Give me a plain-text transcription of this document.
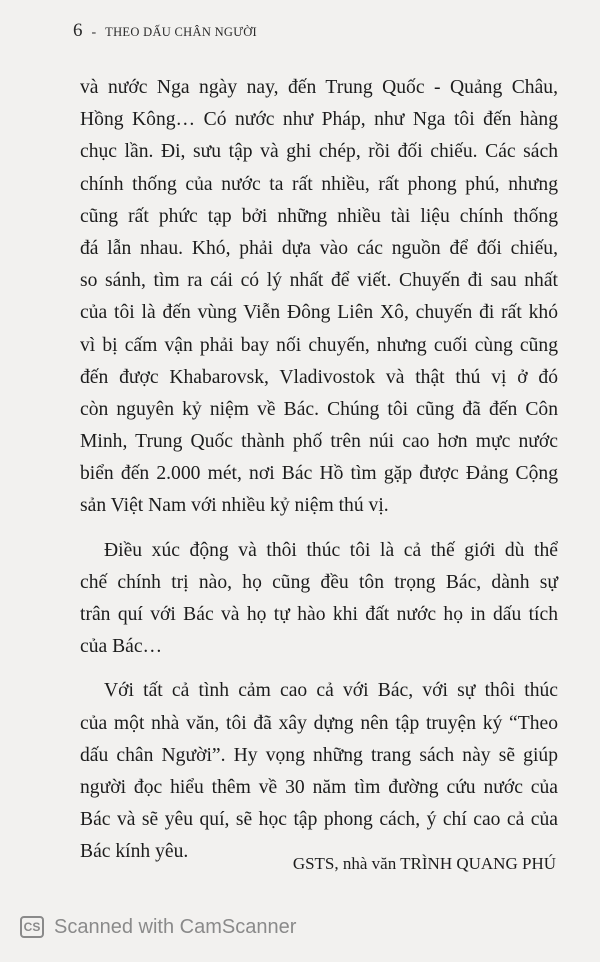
6 - THEO DẤU CHÂN NGƯỜI
và nước Nga ngày nay, đến Trung Quốc - Quảng Châu,
Hồng Kông… Có nước như Pháp, như Nga tôi đến hàng
chục lần. Đi, sưu tập và ghi chép, rồi đối chiếu. Các sách
chính thống của nước ta rất nhiều, rất phong phú, nhưng
cũng rất phức tạp bởi những nhiều tài liệu chính thống
đá lẫn nhau. Khó, phải dựa vào các nguồn để đối chiếu,
so sánh, tìm ra cái có lý nhất để viết. Chuyến đi sau nhất
của tôi là đến vùng Viễn Đông Liên Xô, chuyến đi rất khó
vì bị cấm vận phải bay nối chuyến, nhưng cuối cùng cũng
đến được Khabarovsk, Vladivostok và thật thú vị ở đó
còn nguyên kỷ niệm về Bác. Chúng tôi cũng đã đến Côn
Minh, Trung Quốc thành phố trên núi cao hơn mực nước
biển đến 2.000 mét, nơi Bác Hồ tìm gặp được Đảng Cộng
sản Việt Nam với nhiều kỷ niệm thú vị.
Điều xúc động và thôi thúc tôi là cả thế giới dù thể
chế chính trị nào, họ cũng đều tôn trọng Bác, dành sự
trân quí với Bác và họ tự hào khi đất nước họ in dấu tích
của Bác…
Với tất cả tình cảm cao cả với Bác, với sự thôi thúc
của một nhà văn, tôi đã xây dựng nên tập truyện ký “Theo
dấu chân Người”. Hy vọng những trang sách này sẽ giúp
người đọc hiểu thêm về 30 năm tìm đường cứu nước của
Bác và sẽ yêu quí, sẽ học tập phong cách, ý chí cao cả của
Bác kính yêu.
GSTS, nhà văn TRÌNH QUANG PHÚ
CS Scanned with CamScanner
